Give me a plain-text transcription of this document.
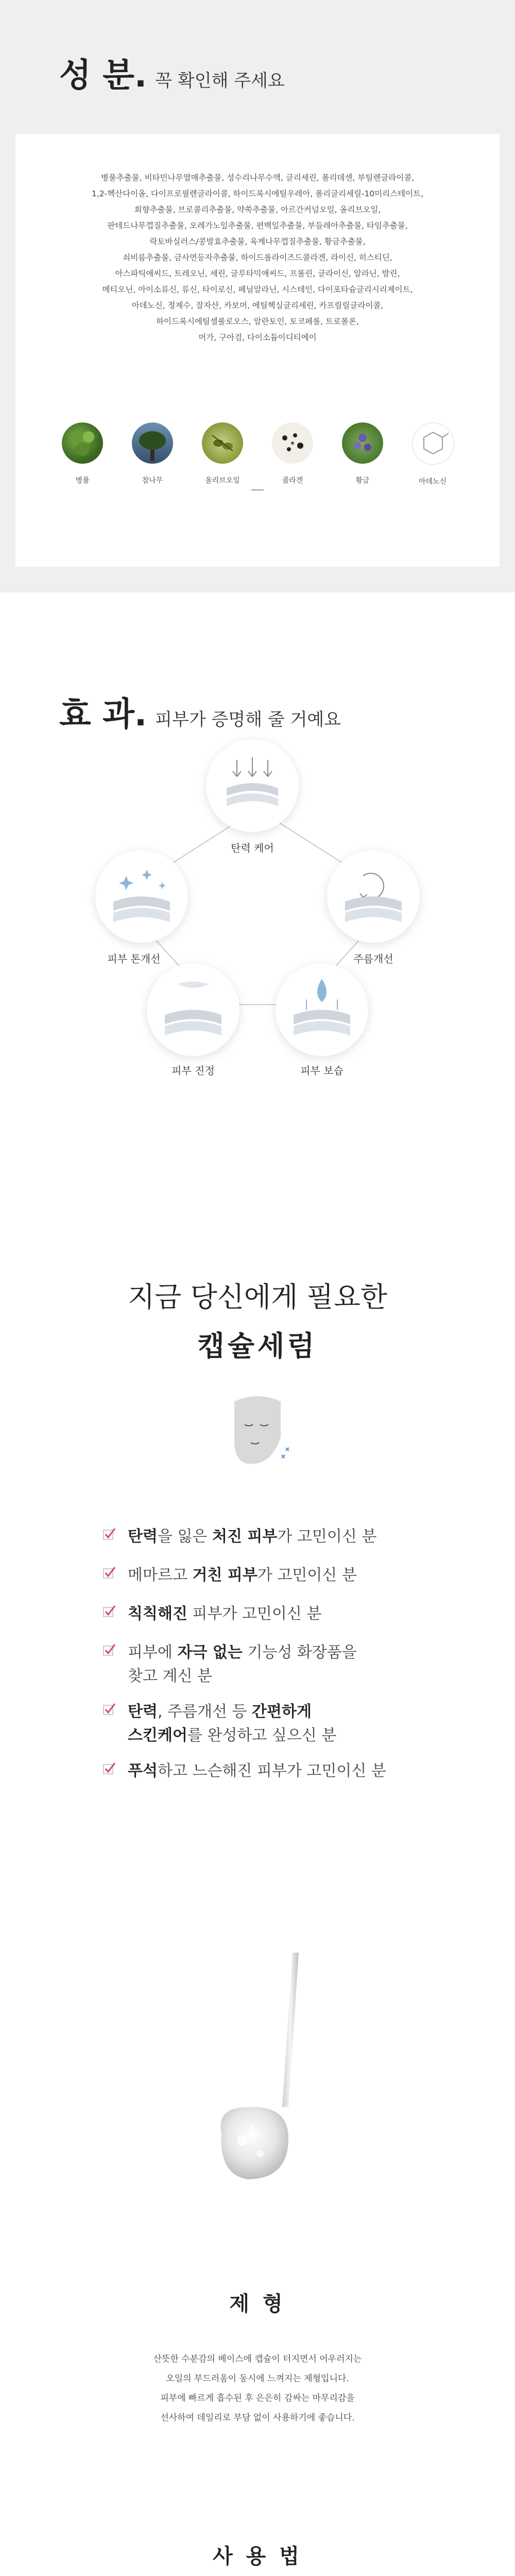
성 분. 꼭 확인해 주세요
병풀추출물, 비타민나무열매추출물, 성수리나무수액, 글리세린, 폴리데센, 부틸렌글라이콜,
1,2-헥산다이올, 다이프로필렌글라이콜, 하이드록시에틸우레아, 폴리글리세릴-10미리스테이트,
회향추출물, 브로콜리추출물, 약쑥추출물, 아르간커널오일, 올리브오일,
판테드나무껍질추출물, 오레가노잎추출물, 편백잎추출물, 부들레아추출물, 타임추출물,
락토바실러스/콩발효추출물, 육계나무껍질추출물, 황금추출물,
쇠비름추출물, 금사연등자추출물, 하이드롤라이즈드콜라겐, 라이신, 히스티딘,
아스파틱애씨드, 트레오닌, 세린, 글루타믹애씨드, 프롤린, 글라이신, 알라닌, 발린,
메티오닌, 아이소류신, 류신, 타이로신, 페닐알라닌, 시스테인, 다이포타슘글리시리제이트,
아데노신, 정제수, 잘자산, 카보머, 에틸헥실글리세린, 카프릴릴글라이콜,
하이드록시에틸셀룰로오스, 알란토인, 토코페롤, 트로폴론,
머가, 구아검, 다이소듐이디티에이
병풀	참나무	올리브오일	콜라겐	황금	아데노신
효 과. 피부가 증명해 줄 거예요
탄력 케어
피부 톤개선	주름개선
피부 진정	피부 보습
지금 당신에게 필요한
캡슐세럼
탄력을 잃은 처진 피부가 고민이신 분
메마르고 거친 피부가 고민이신 분
칙칙해진 피부가 고민이신 분
피부에 자극 없는 기능성 화장품을
찾고 계신 분
탄력, 주름개선 등 간편하게
스킨케어를 완성하고 싶으신 분
푸석하고 느슨해진 피부가 고민이신 분
제 형
산뜻한 수분감의 베이스에 캡슐이 터지면서 어우러지는
오일의 부드러움이 동시에 느껴지는 제형입니다.
피부에 빠르게 흡수된 후 은은히 감싸는 마무리감을
선사하여 데일리로 부담 없이 사용하기에 좋습니다.
사 용 법
